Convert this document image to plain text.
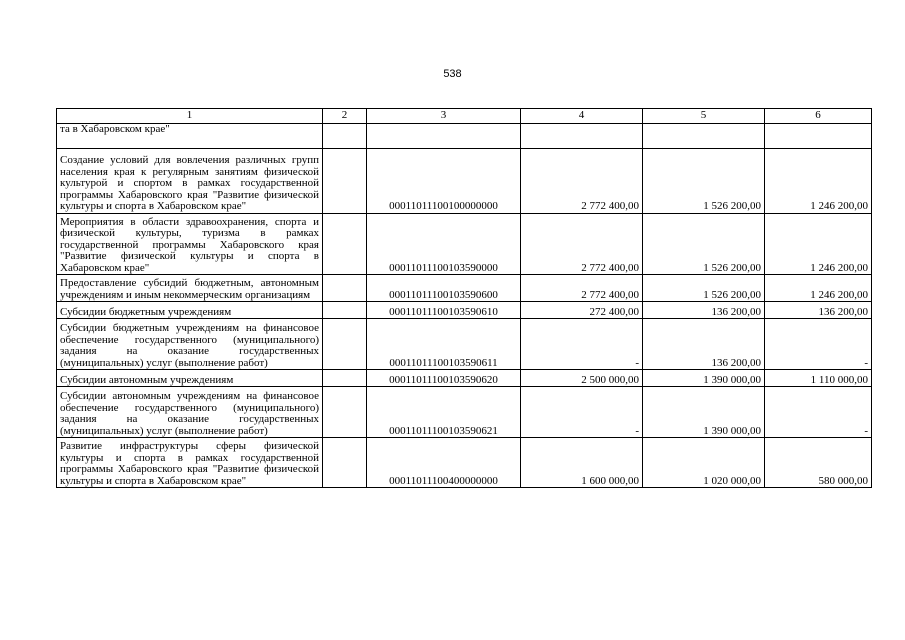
538
1	2	3	4	5	6
та в Хабаровском крае"					
Создание условий для вовлечения различных групп населения края к регулярным занятиям физической культурой и спортом в рамках государственной программы Хабаровского края "Развитие физической культуры и спорта в Хабаровском крае"		00011011100100000000	2 772 400,00	1 526 200,00	1 246 200,00
Мероприятия в области здравоохранения, спорта и физической культуры, туризма в рамках государственной программы Хабаровского края "Развитие физической культуры и спорта в Хабаровском крае"		00011011100103590000	2 772 400,00	1 526 200,00	1 246 200,00
Предоставление субсидий бюджетным, автономным учреждениям и иным некоммерческим организациям		00011011100103590600	2 772 400,00	1 526 200,00	1 246 200,00
Субсидии бюджетным учреждениям		00011011100103590610	272 400,00	136 200,00	136 200,00
Субсидии бюджетным учреждениям на финансовое обеспечение государственного (муниципального) задания на оказание государственных (муниципальных) услуг (выполнение работ)		00011011100103590611	-	136 200,00	-
Субсидии автономным учреждениям		00011011100103590620	2 500 000,00	1 390 000,00	1 110 000,00
Субсидии автономным учреждениям на финансовое обеспечение государственного (муниципального) задания на оказание государственных (муниципальных) услуг (выполнение работ)		00011011100103590621	-	1 390 000,00	-
Развитие инфраструктуры сферы физической культуры и спорта в рамках государственной программы Хабаровского края "Развитие физической культуры и спорта в Хабаровском крае"		00011011100400000000	1 600 000,00	1 020 000,00	580 000,00
